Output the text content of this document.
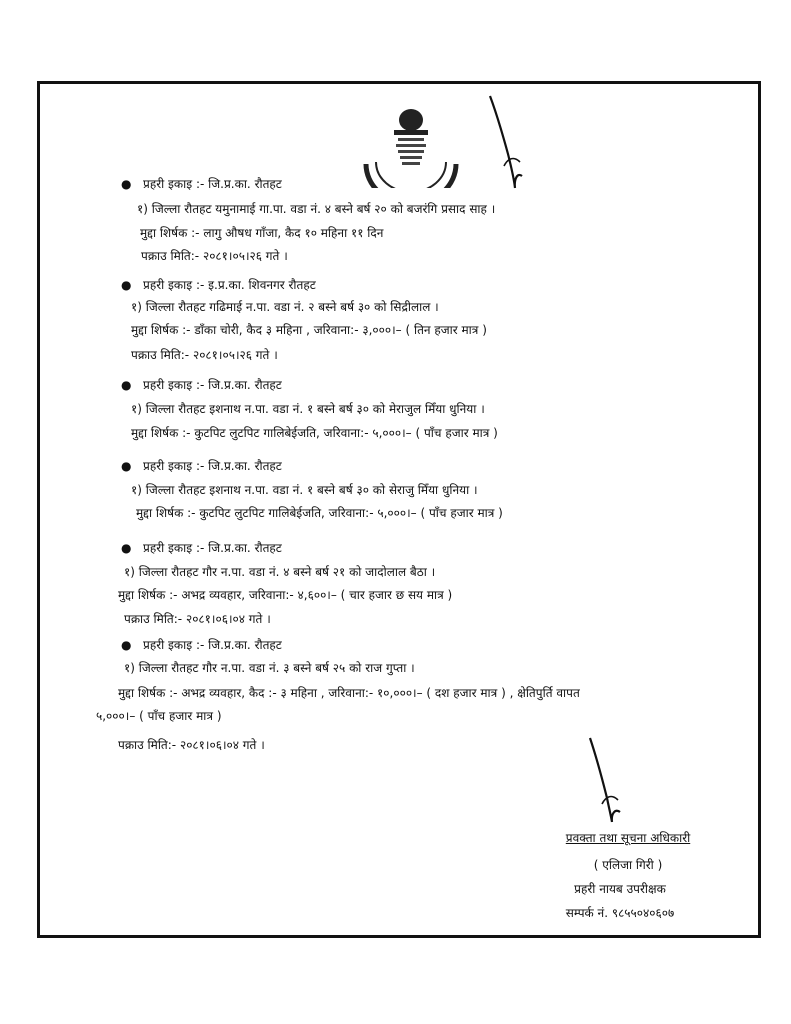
● प्रहरी इकाइ :- जि.प्र.का. रौतहट
१) जिल्ला रौतहट यमुनामाई गा.पा. वडा नं. ४ बस्ने बर्ष २० को बजरंगि प्रसाद साह ।
मुद्दा शिर्षक :- लागु औषध गाँजा, कैद १० महिना ११ दिन
पक्राउ मिति:- २०८१।०५।२६ गते ।
● प्रहरी इकाइ :- इ.प्र.का. शिवनगर रौतहट
१) जिल्ला रौतहट गढिमाई न.पा. वडा नं. २ बस्ने बर्ष ३० को सिद्रीलाल ।
मुद्दा शिर्षक :- डाँका चोरी, कैद ३ महिना , जरिवाना:- ३,०००।– ( तिन हजार मात्र )
पक्राउ मिति:- २०८१।०५।२६ गते ।
● प्रहरी इकाइ :- जि.प्र.का. रौतहट
१) जिल्ला रौतहट इशनाथ न.पा. वडा नं. १ बस्ने बर्ष ३० को मेराजुल मिँया धुनिया ।
मुद्दा शिर्षक :- कुटपिट लुटपिट गालिबेईजति, जरिवाना:- ५,०००।– ( पाँच हजार मात्र )
● प्रहरी इकाइ :- जि.प्र.का. रौतहट
१) जिल्ला रौतहट इशनाथ न.पा. वडा नं. १ बस्ने बर्ष ३० को सेराजु मिँया धुनिया ।
मुद्दा शिर्षक :- कुटपिट लुटपिट गालिबेईजति, जरिवाना:- ५,०००।– ( पाँच हजार मात्र )
● प्रहरी इकाइ :- जि.प्र.का. रौतहट
१) जिल्ला रौतहट गौर न.पा. वडा नं. ४ बस्ने बर्ष २१ को जादोलाल बैठा ।
मुद्दा शिर्षक :- अभद्र व्यवहार, जरिवाना:- ४,६००।– ( चार हजार छ सय मात्र )
पक्राउ मिति:- २०८१।०६।०४ गते ।
● प्रहरी इकाइ :- जि.प्र.का. रौतहट
१) जिल्ला रौतहट गौर न.पा. वडा नं. ३ बस्ने बर्ष २५ को राज गुप्ता ।
मुद्दा शिर्षक :- अभद्र व्यवहार, कैद :- ३ महिना , जरिवाना:- १०,०००।– ( दश हजार मात्र ) , क्षेतिपुर्ति वापत
५,०००।– ( पाँच हजार मात्र )
पक्राउ मिति:- २०८१।०६।०४ गते ।
प्रवक्ता तथा सूचना अधिकारी
( एलिजा गिरी )
प्रहरी नायब उपरीक्षक
सम्पर्क नं. ९८५५०४०६०७
